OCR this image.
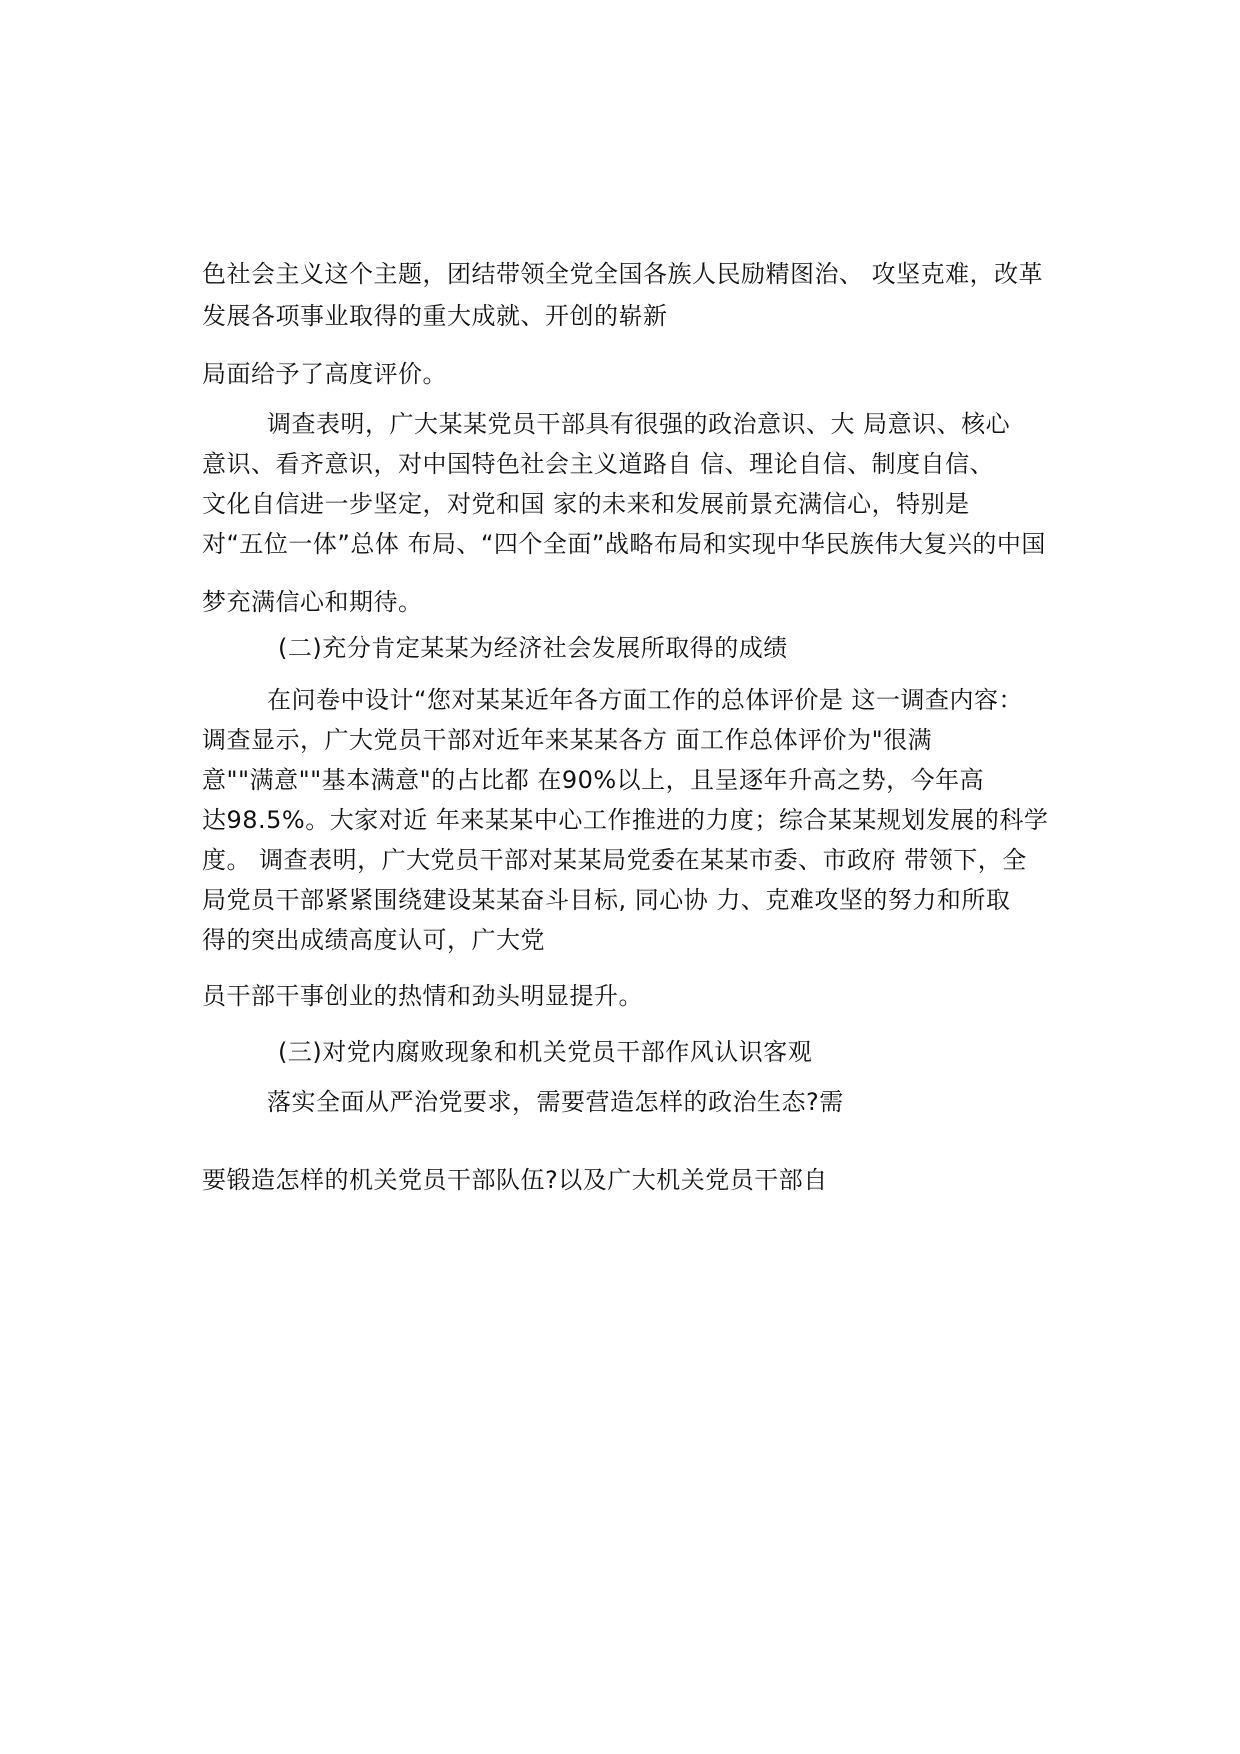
色社会主义这个主题，团结带领全党全国各族人民励精图治、 攻坚克难，改革
发展各项事业取得的重大成就、开创的崭新
局面给予了高度评价。
调查表明，广大某某党员干部具有很强的政治意识、大 局意识、核心
意识、看齐意识，对中国特色社会主义道路自 信、理论自信、制度自信、
文化自信进一步坚定，对党和国 家的未来和发展前景充满信心，特别是
对“五位一体”总体 布局、“四个全面”战略布局和实现中华民族伟大复兴的中国
梦充满信心和期待。
(二)充分肯定某某为经济社会发展所取得的成绩
在问卷中设计“您对某某近年各方面工作的总体评价是 这一调查内容：
调查显示，广大党员干部对近年来某某各方 面工作总体评价为"很满
意""满意""基本满意"的占比都 在90%以上，且呈逐年升高之势，今年高
达98.5%。大家对近 年来某某中心工作推进的力度；综合某某规划发展的科学
度。 调查表明，广大党员干部对某某局党委在某某市委、市政府 带领下，全
局党员干部紧紧围绕建设某某奋斗目标, 同心协 力、克难攻坚的努力和所取
得的突出成绩高度认可，广大党
员干部干事创业的热情和劲头明显提升。
(三)对党内腐败现象和机关党员干部作风认识客观
落实全面从严治党要求，需要营造怎样的政治生态?需
要锻造怎样的机关党员干部队伍?以及广大机关党员干部自
